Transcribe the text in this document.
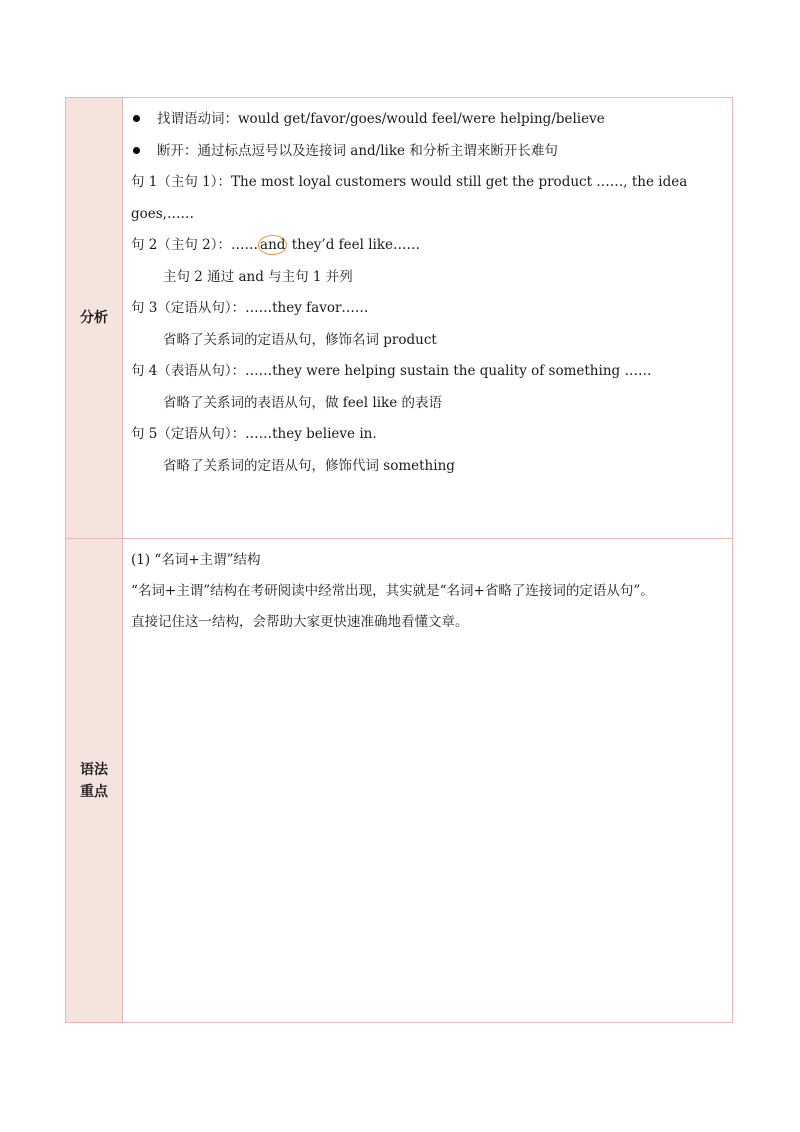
分析
找谓语动词：would get/favor/goes/would feel/were helping/believe
断开：通过标点逗号以及连接词 and/like 和分析主谓来断开长难句
句 1（主句 1）：The most loyal customers would still get the product ……, the idea goes,……
句 2（主句 2）：…… and they’d feel like……
主句 2 通过 and 与主句 1 并列
句 3（定语从句）：……they favor……
省略了关系词的定语从句，修饰名词 product
句 4（表语从句）：……they were helping sustain the quality of something ……
省略了关系词的表语从句，做 feel like 的表语
句 5（定语从句）：……they believe in.
省略了关系词的定语从句，修饰代词 something
语法
重点
(1) “名词+主谓”结构
“名词+主谓”结构在考研阅读中经常出现，其实就是“名词+省略了连接词的定语从句”。
直接记住这一结构，会帮助大家更快速准确地看懂文章。
